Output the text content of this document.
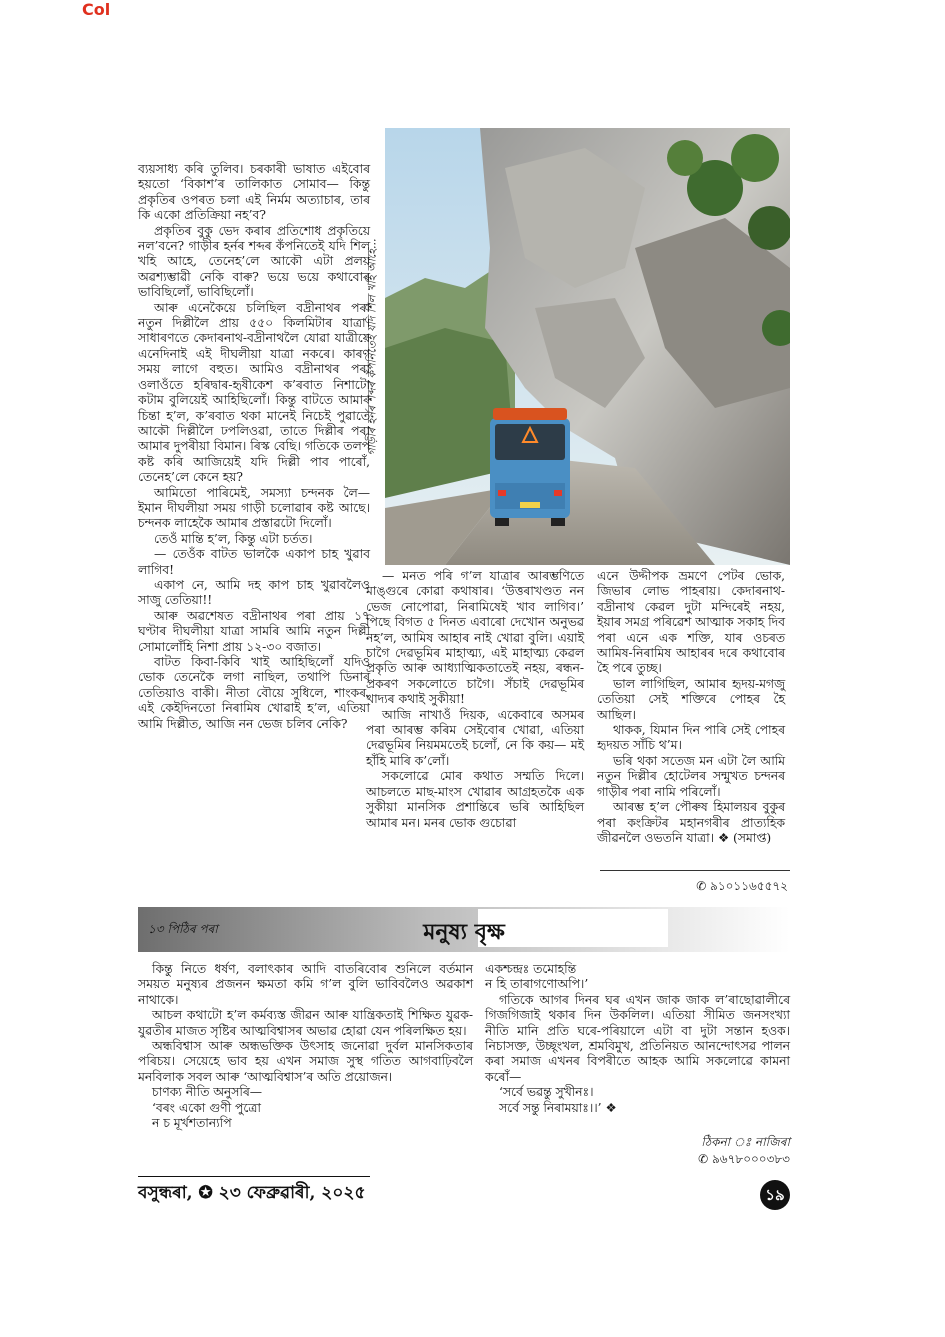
Col

ব্যয়সাধ্য কৰি তুলিব। চৰকাৰী ভাষাত এইবোৰ হয়তো ‘বিকাশ’ৰ তালিকাত সোমাব— কিন্তু প্ৰকৃতিৰ ওপৰত চলা এই নিৰ্মম অত্যাচাৰ, তাৰ কি একো প্ৰতিক্ৰিয়া নহ’ব?

প্ৰকৃতিৰ বুকু ভেদ কৰাৰ প্ৰতিশোধ প্ৰকৃতিয়ে নল’বনে? গাড়ীৰ হৰ্নৰ শব্দৰ কঁপনিতেই যদি শিল খহি আহে, তেনেহ’লে আকৌ এটা প্ৰলয় অৱশ্যম্ভাৱী নেকি বাৰু? ভয়ে ভয়ে কথাবোৰ ভাবিছিলোঁ, ভাবিছিলোঁ।

আৰু এনেকৈয়ে চলিছিল বদ্ৰীনাথৰ পৰা নতুন দিল্লীলৈ প্ৰায় ৫৫০ কিলমিটাৰ যাত্ৰা। সাধাৰণতে কেদাৰনাথ-বদ্ৰীনাথলৈ যোৱা যাত্ৰীয়ে এনেদিনাই এই দীঘলীয়া যাত্ৰা নকৰে। কাৰণ সময় লাগে বহুত। আমিও বদ্ৰীনাথৰ পৰা ওলাওঁতে হৰিদ্বাৰ-হৃষীকেশ ক’ৰবাত নিশাটো কটাম বুলিয়েই আহিছিলোঁ। কিন্তু বাটতে আমাৰ চিন্তা হ’ল, ক’ৰবাত থকা মানেই নিচেই পুৱাতে আকৌ দিল্লীলৈ ঢপলিওৱা, তাতে দিল্লীৰ পৰা আমাৰ দুপৰীয়া বিমান। ৰিস্ক বেছি। গতিকে তলপ কষ্ট কৰি আজিয়েই যদি দিল্লী পাব পাৰোঁ, তেনেহ’লে কেনে হয়?

আমিতো পাৰিমেই, সমস্যা চন্দনক লৈ— ইমান দীঘলীয়া সময় গাড়ী চলোৱাৰ কষ্ট আছে। চন্দনক লাহেকৈ আমাৰ প্ৰস্তাৱটো দিলোঁ।

তেওঁ মান্তি হ’ল, কিন্তু এটা চৰ্তত।

— তেওঁক বাটত ভালকৈ একাপ চাহ খুৱাব লাগিব!

একাপ নে, আমি দহ কাপ চাহ খুৱাবলৈও সাজু তেতিয়া!!

আৰু অৱশেষত বদ্ৰীনাথৰ পৰা প্ৰায় ১৭ ঘণ্টাৰ দীঘলীয়া যাত্ৰা সামৰি আমি নতুন দিল্লী সোমালোঁহি নিশা প্ৰায় ১২-৩০ বজাত।

বাটত কিবা-কিবি খাই আহিছিলোঁ যদিও ভোক তেনেকৈ লগা নাছিল, তথাপি ডিনাৰ তেতিয়াও বাকী। নীতা বৌয়ে সুধিলে, শাংকৰ, এই কেইদিনতো নিৰামিষ খোৱাই হ’ল, এতিয়া আমি দিল্লীত, আজি নন ভেজ চলিব নেকি?

গাড়ীৰ হৰ্নৰ শব্দৰ কঁপনিতেই যদি শিল খহি আহে...

— মনত পৰি গ’ল যাত্ৰাৰ আৰম্ভণিতে মাঙ্গুৰে কোৱা কথাষাৰ। ‘উত্তৰাখণ্ডত নন ভেজ নোপোৱা, নিৰামিষেই খাব লাগিব।’ পিছে বিগত ৫ দিনত এবাৰো দেখোন অনুভৱ নহ’ল, আমিষ আহাৰ নাই খোৱা বুলি। এয়াই চাগৈ দেৱভূমিৰ মাহাত্ম্য, এই মাহাত্ম্য কেৱল প্ৰকৃতি আৰু আধ্যাত্মিকতাতেই নহয়, ৰন্ধন-প্ৰকৰণ সকলোতে চাগৈ। সঁচাই দেৱভূমিৰ খাদ্যৰ কথাই সুকীয়া!

আজি নাখাওঁ দিয়ক, একেবাৰে অসমৰ পৰা আৰম্ভ কৰিম সেইবোৰ খোৱা, এতিয়া দেৱভূমিৰ নিয়মমতেই চলোঁ, নে কি কয়— মই হাঁহি মাৰি ক’লোঁ।

সকলোৱে মোৰ কথাত সম্মতি দিলে। আচলতে মাছ-মাংস খোৱাৰ আগ্ৰহতকৈ এক সুকীয়া মানসিক প্ৰশান্তিৰে ভৰি আহিছিল আমাৰ মন। মনৰ ভোক গুচোৱা

এনে উদ্দীপক ভ্ৰমণে পেটৰ ভোক, জিভাৰ লোভ পাহৰায়। কেদাৰনাথ-বদ্ৰীনাথ কেৱল দুটা মন্দিৰেই নহয়, ইয়াৰ সমগ্ৰ পৰিৱেশ আত্মাক সকাহ দিব পৰা এনে এক শক্তি, যাৰ ওচৰত আমিষ-নিৰামিষ আহাৰৰ দৰে কথাবোৰ হৈ পৰে তুচ্ছ।

ভাল লাগিছিল, আমাৰ হৃদয়-মগজু তেতিয়া সেই শক্তিৰে পোহৰ হৈ আছিল।

থাকক, যিমান দিন পাৰি সেই পোহৰ হৃদয়ত সাঁচি থ’ম।

ভৰি থকা সতেজ মন এটা লৈ আমি নতুন দিল্লীৰ হোটেলৰ সন্মুখত চন্দনৰ গাড়ীৰ পৰা নামি পৰিলোঁ।

আৰম্ভ হ’ল পৌৰুষ হিমালয়ৰ বুকুৰ পৰা কংক্ৰিটৰ মহানগৰীৰ প্ৰাত্যহিক জীৱনলৈ ওভতনি যাত্ৰা। ❖ (সমাপ্ত)

✆ ৯১০১১৬৫৫৭২
১৩ পিঠিৰ পৰা	মনুষ্য বৃক্ষ

কিন্তু নিতে ধৰ্ষণ, বলাৎকাৰ আদি বাতৰিবোৰ শুনিলে বৰ্তমান সময়ত মনুষ্যৰ প্ৰজনন ক্ষমতা কমি গ’ল বুলি ভাবিবলৈও অৱকাশ নাথাকে।

আচল কথাটো হ’ল কৰ্মব্যস্ত জীৱন আৰু যান্ত্ৰিকতাই শিক্ষিত যুৱক-যুৱতীৰ মাজত সৃষ্টিৰ আত্মবিশ্বাসৰ অভাৱ হোৱা যেন পৰিলক্ষিত হয়।

অন্ধবিশ্বাস আৰু অন্ধভক্তিক উৎসাহ জনোৱা দুৰ্বল মানসিকতাৰ পৰিচয়। সেয়েহে ভাব হয় এখন সমাজ সুস্থ গতিত আগবাঢ়িবলৈ মনবিলাক সবল আৰু ‘আত্মবিশ্বাস’ৰ অতি প্ৰয়োজন।

চাণক্য নীতি অনুসৰি—

‘বৰং একো গুণী পুত্ৰো

ন চ মূৰ্খশতান্যপি

একশ্চন্দ্ৰঃ তমোহন্তি

ন হি তাৰাগণোঅপি।’

গতিকে আগৰ দিনৰ ঘৰ এখন জাক জাক ল’ৰাছোৱালীৰে গিজগিজাই থকাৰ দিন উকলিল। এতিয়া সীমিত জনসংখ্যা নীতি মানি প্ৰতি ঘৰে-পৰিয়ালে এটা বা দুটা সন্তান হওক। নিচাসক্ত, উচ্ছৃংখল, শ্ৰমবিমুখ, প্ৰতিনিয়ত আনন্দোৎসৱ পালন কৰা সমাজ এখনৰ বিপৰীতে আহক আমি সকলোৱে কামনা কৰোঁ—

‘সৰ্বে ভৱন্তু সুখীনঃ।

সৰ্বে সন্তু নিৰাময়াঃ।।’ ❖

ঠিকনা ঃ নাজিৰা
✆ ৯৬৭৮০০০৩৮৩
বসুন্ধৰা, ✪ ২৩ ফেব্ৰুৱাৰী, ২০২৫	১৯
